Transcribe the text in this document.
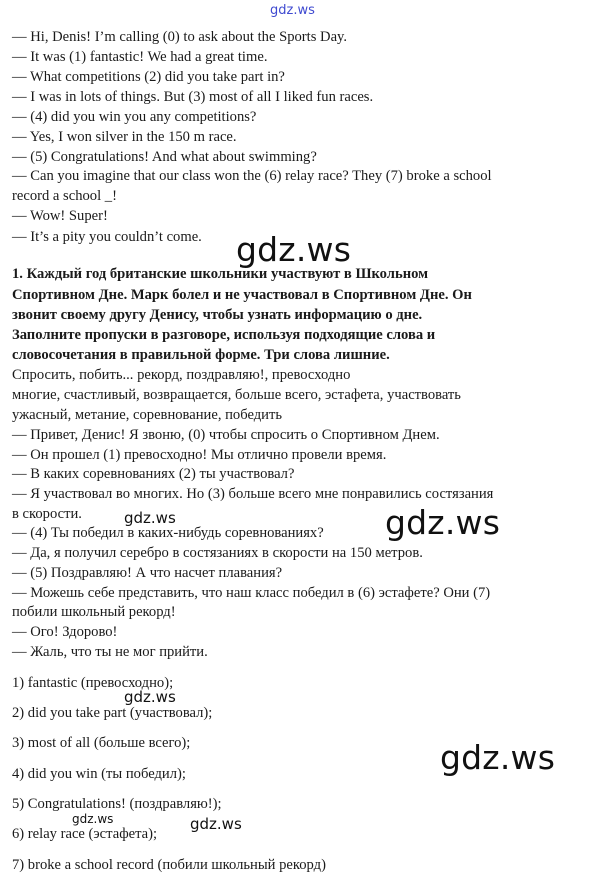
gdz.ws
— Hi, Denis! I’m calling (0) to ask about the Sports Day.
— It was (1) fantastic! We had a great time.
— What competitions (2) did you take part in?
— I was in lots of things. But (3) most of all I liked fun races.
— (4) did you win you any competitions?
— Yes, I won silver in the 150 m race.
— (5) Congratulations! And what about swimming?
— Can you imagine that our class won the (6) relay race? They (7) broke a school
record a school _!
— Wow! Super!
— It’s a pity you couldn’t come. gdz.ws
1. Каждый год британские школьники участвуют в Школьном
Спортивном Дне. Марк болел и не участвовал в Спортивном Дне. Он
звонит своему другу Денису, чтобы узнать информацию о дне.
Заполните пропуски в разговоре, используя подходящие слова и
словосочетания в правильной форме. Три слова лишние.
Спросить, побить... рекорд, поздравляю!, превосходно
многие, счастливый, возвращается, больше всего, эстафета, участвовать
ужасный, метание, соревнование, победить
— Привет, Денис! Я звоню, (0) чтобы спросить о Спортивном Днем.
— Он прошел (1) превосходно! Мы отлично провели время.
— В каких соревнованиях (2) ты участвовал?
— Я участвовал во многих. Но (3) больше всего мне понравились состязания
в скорости.
— (4) Ты победил в каких-нибудь соревнованиях?
— Да, я получил серебро в состязаниях в скорости на 150 метров.
— (5) Поздравляю! А что насчет плавания?
— Можешь себе представить, что наш класс победил в (6) эстафете? Они (7)
побили школьный рекорд!
— Ого! Здорово!
— Жаль, что ты не мог прийти.
gdz.ws	gdz.ws
1) fantastic (превосходно);
2) did you take part (участвовал);
3) most of all (больше всего);
4) did you win (ты победил);
5) Congratulations! (поздравляю!);
6) relay race (эстафета);
7) broke a school record (побили школьный рекорд)
gdz.ws
gdz.ws
gdz.ws
gdz.ws
